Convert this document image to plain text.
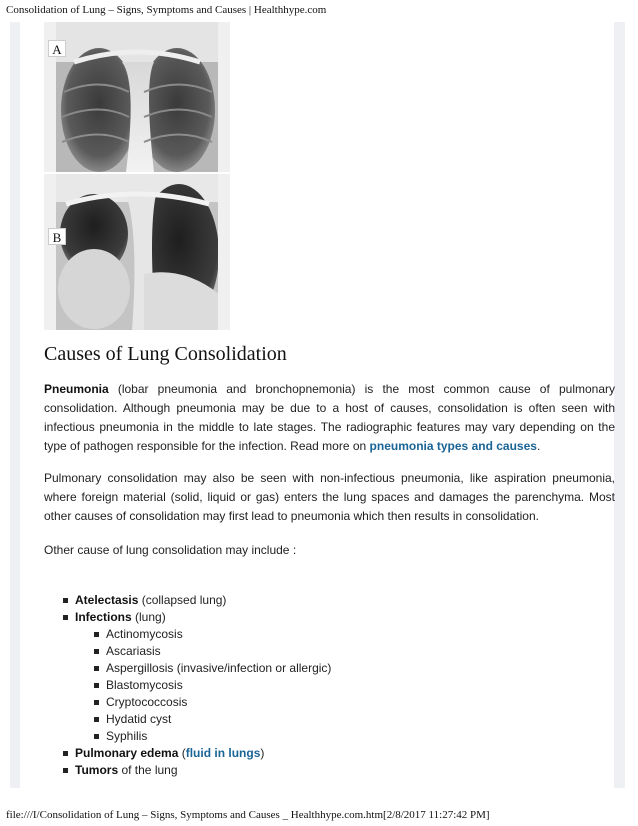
Consolidation of Lung – Signs, Symptoms and Causes | Healthhype.com
A
B
Causes of Lung Consolidation

Pneumonia (lobar pneumonia and bronchopnemonia) is the most common cause of pulmonary consolidation. Although pneumonia may be due to a host of causes, consolidation is often seen with infectious pneumonia in the middle to late stages. The radiographic features may vary depending on the type of pathogen responsible for the infection. Read more on pneumonia types and causes.

Pulmonary consolidation may also be seen with non-infectious pneumonia, like aspiration pneumonia, where foreign material (solid, liquid or gas) enters the lung spaces and damages the parenchyma. Most other causes of consolidation may first lead to pneumonia which then results in consolidation.

Other cause of lung consolidation may include :

Atelectasis (collapsed lung)
Infections (lung)
Actinomycosis
Ascariasis
Aspergillosis (invasive/infection or allergic)
Blastomycosis
Cryptococcosis
Hydatid cyst
Syphilis
Pulmonary edema (fluid in lungs)
Tumors of the lung
file:///I/Consolidation of Lung – Signs, Symptoms and Causes _ Healthhype.com.htm[2/8/2017 11:27:42 PM]
